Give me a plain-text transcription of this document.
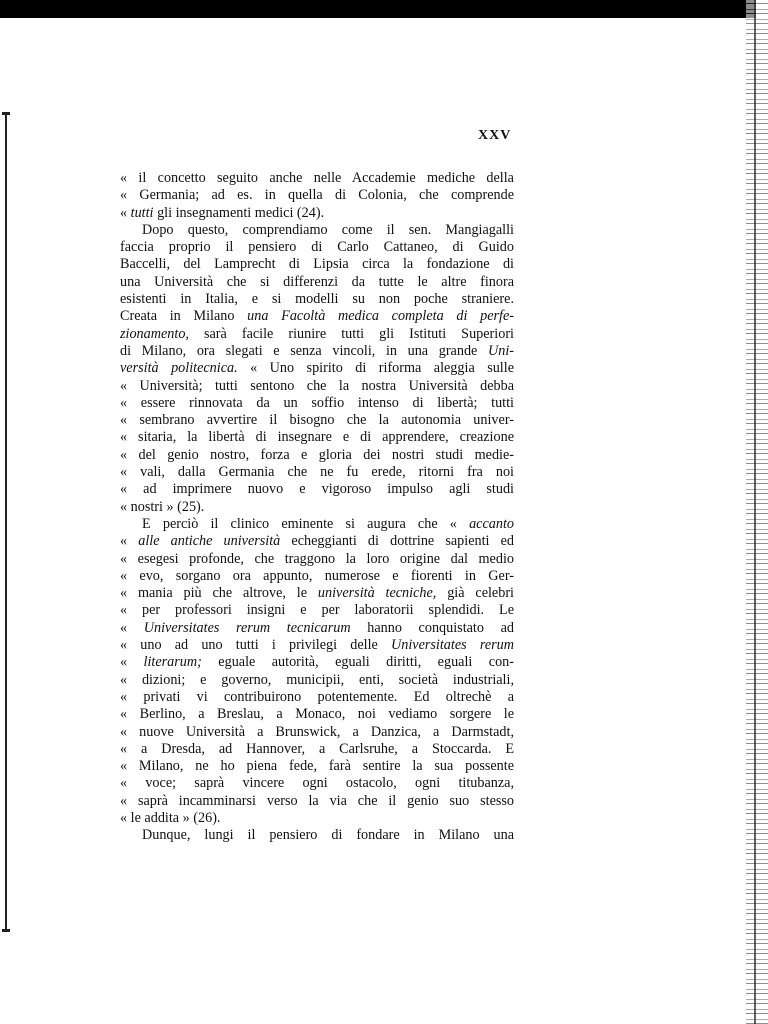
XXV
« il concetto seguito anche nelle Accademie mediche della
« Germania; ad es. in quella di Colonia, che comprende
« tutti gli insegnamenti medici (24).
Dopo questo, comprendiamo come il sen. Mangiagalli
faccia proprio il pensiero di Carlo Cattaneo, di Guido
Baccelli, del Lamprecht di Lipsia circa la fondazione di
una Università che si differenzi da tutte le altre finora
esistenti in Italia, e si modelli su non poche straniere.
Creata in Milano una Facoltà medica completa di perfe-
zionamento, sarà facile riunire tutti gli Istituti Superiori
di Milano, ora slegati e senza vincoli, in una grande Uni-
versità politecnica. « Uno spirito di riforma aleggia sulle
« Università; tutti sentono che la nostra Università debba
« essere rinnovata da un soffio intenso di libertà; tutti
« sembrano avvertire il bisogno che la autonomia univer-
« sitaria, la libertà di insegnare e di apprendere, creazione
« del genio nostro, forza e gloria dei nostri studi medie-
« vali, dalla Germania che ne fu erede, ritorni fra noi
« ad imprimere nuovo e vigoroso impulso agli studi
« nostri » (25).
E perciò il clinico eminente si augura che « accanto
« alle antiche università echeggianti di dottrine sapienti ed
« esegesi profonde, che traggono la loro origine dal medio
« evo, sorgano ora appunto, numerose e fiorenti in Ger-
« mania più che altrove, le università tecniche, già celebri
« per professori insigni e per laboratorii splendidi. Le
« Universitates rerum tecnicarum hanno conquistato ad
« uno ad uno tutti i privilegi delle Universitates rerum
« literarum; eguale autorità, eguali diritti, eguali con-
« dizioni; e governo, municipii, enti, società industriali,
« privati vi contribuirono potentemente. Ed oltrechè a
« Berlino, a Breslau, a Monaco, noi vediamo sorgere le
« nuove Università a Brunswick, a Danzica, a Darmstadt,
« a Dresda, ad Hannover, a Carlsruhe, a Stoccarda. E
« Milano, ne ho piena fede, farà sentire la sua possente
« voce; saprà vincere ogni ostacolo, ogni titubanza,
« saprà incamminarsi verso la via che il genio suo stesso
« le addita » (26).
Dunque, lungi il pensiero di fondare in Milano una
